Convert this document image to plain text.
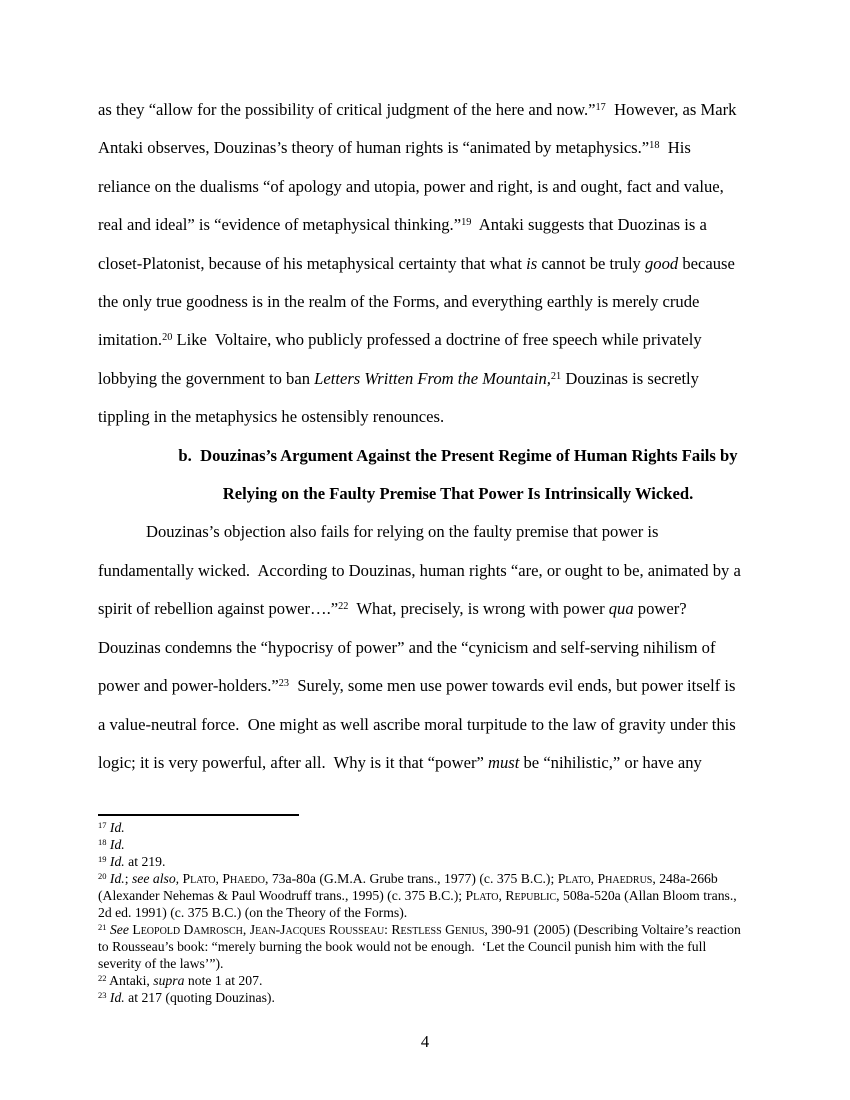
as they “allow for the possibility of critical judgment of the here and now.”$^{17}$  However, as Mark Antaki observes, Douzinas’s theory of human rights is “animated by metaphysics.”$^{18}$  His reliance on the dualisms “of apology and utopia, power and right, is and ought, fact and value, real and ideal” is “evidence of metaphysical thinking.”$^{19}$  Antaki suggests that Duozinas is a closet-Platonist, because of his metaphysical certainty that what is cannot be truly good because the only true goodness is in the realm of the Forms, and everything earthly is merely crude imitation.$^{20}$ Like  Voltaire, who publicly professed a doctrine of free speech while privately lobbying the government to ban Letters Written From the Mountain,$^{21}$ Douzinas is secretly tippling in the metaphysics he ostensibly renounces.

b.  Douzinas’s Argument Against the Present Regime of Human Rights Fails by
Relying on the Faulty Premise That Power Is Intrinsically Wicked.

Douzinas’s objection also fails for relying on the faulty premise that power is fundamentally wicked.  According to Douzinas, human rights “are, or ought to be, animated by a spirit of rebellion against power….”$^{22}$  What, precisely, is wrong with power qua power?  Douzinas condemns the “hypocrisy of power” and the “cynicism and self-serving nihilism of power and power-holders.”$^{23}$  Surely, some men use power towards evil ends, but power itself is a value-neutral force.  One might as well ascribe moral turpitude to the law of gravity under this logic; it is very powerful, after all.  Why is it that “power” must be “nihilistic,” or have any

$^{17}$ Id.
$^{18}$ Id.
$^{19}$ Id. at 219.
$^{20}$ Id.; see also, Plato, Phaedo, 73a-80a (G.M.A. Grube trans., 1977) (c. 375 B.C.); Plato, Phaedrus, 248a-266b (Alexander Nehemas & Paul Woodruff trans., 1995) (c. 375 B.C.); Plato, Republic, 508a-520a (Allan Bloom trans., 2d ed. 1991) (c. 375 B.C.) (on the Theory of the Forms).
$^{21}$ See Leopold Damrosch, Jean-Jacques Rousseau: Restless Genius, 390-91 (2005) (Describing Voltaire’s reaction to Rousseau’s book: “merely burning the book would not be enough.  ‘Let the Council punish him with the full severity of the laws’”).
$^{22}$ Antaki, supra note 1 at 207.
$^{23}$ Id. at 217 (quoting Douzinas).
4
